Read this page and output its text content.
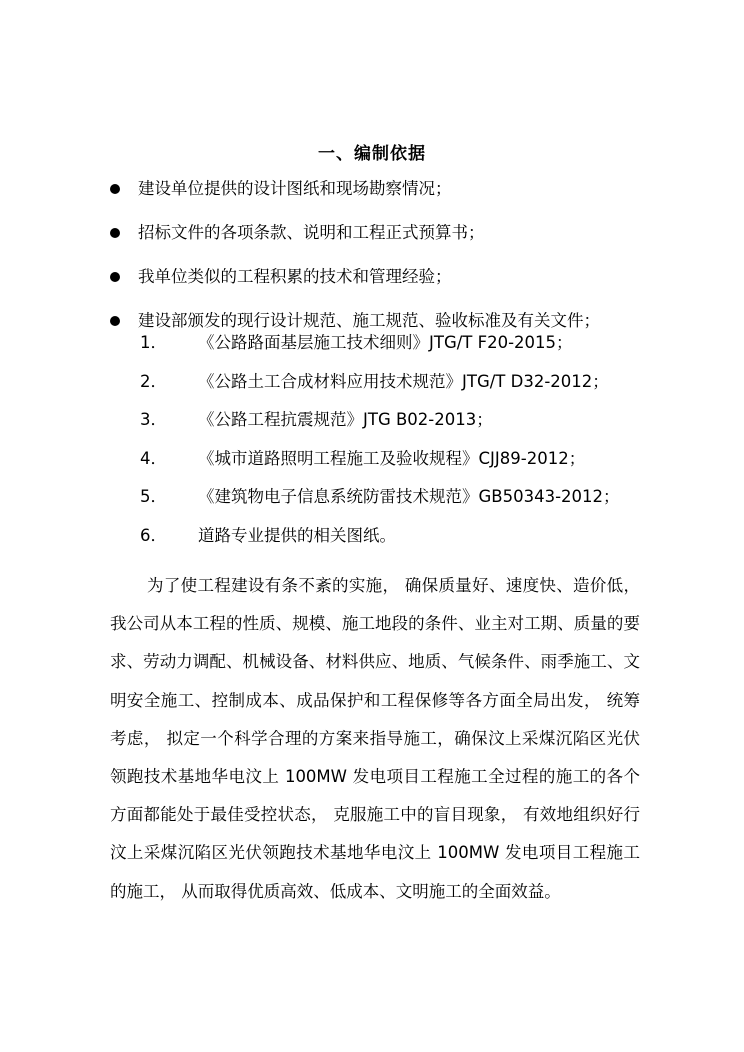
一、编制依据
建设单位提供的设计图纸和现场勘察情况；
招标文件的各项条款、说明和工程正式预算书；
我单位类似的工程积累的技术和管理经验；
建设部颁发的现行设计规范、施工规范、验收标准及有关文件；
1．	《公路路面基层施工技术细则》JTG/T F20-2015；
2．	《公路土工合成材料应用技术规范》JTG/T D32-2012；
3．	《公路工程抗震规范》JTG B02-2013；
4．	《城市道路照明工程施工及验收规程》CJJ89-2012；
5．	《建筑物电子信息系统防雷技术规范》GB50343-2012；
6．	道路专业提供的相关图纸。

为了使工程建设有条不紊的实施， 确保质量好、速度快、造价低， 我公司从本工程的性质、规模、施工地段的条件、业主对工期、质量的要求、劳动力调配、机械设备、材料供应、地质、气候条件、雨季施工、文明安全施工、控制成本、成品保护和工程保修等各方面全局出发， 统筹考虑， 拟定一个科学合理的方案来指导施工，确保汶上采煤沉陷区光伏领跑技术基地华电汶上 100MW 发电项目工程施工全过程的施工的各个方面都能处于最佳受控状态， 克服施工中的盲目现象， 有效地组织好行汶上采煤沉陷区光伏领跑技术基地华电汶上 100MW 发电项目工程施工的施工， 从而取得优质高效、低成本、文明施工的全面效益。
